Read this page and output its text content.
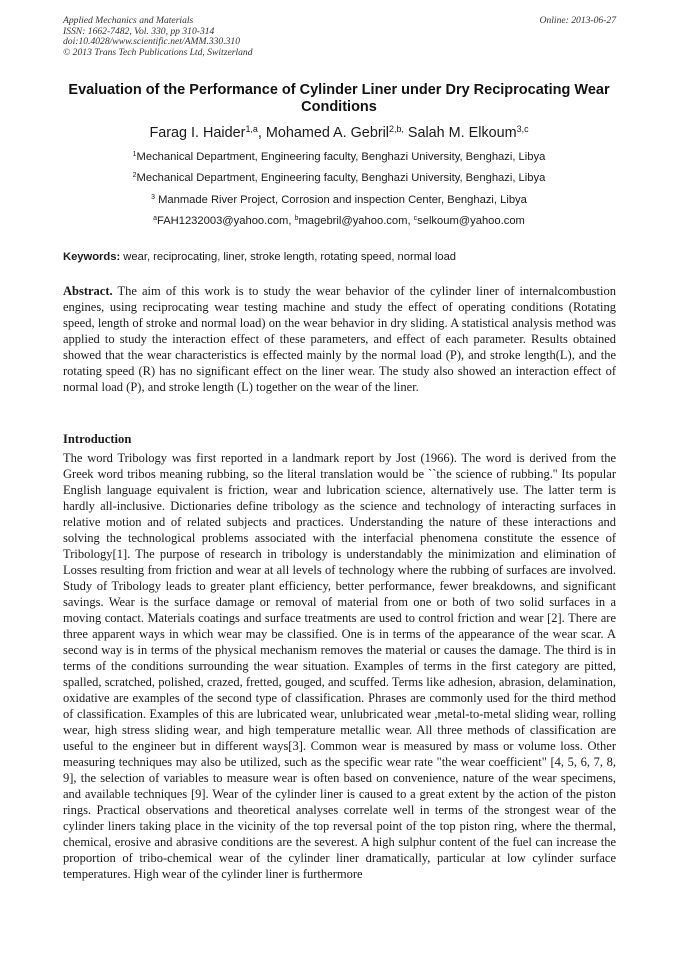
Applied Mechanics and Materials
ISSN: 1662-7482, Vol. 330, pp 310-314
doi:10.4028/www.scientific.net/AMM.330.310
© 2013 Trans Tech Publications Ltd, Switzerland
Online: 2013-06-27
Evaluation of the Performance of Cylinder Liner under Dry Reciprocating Wear Conditions
Farag I. Haider$^{1,a}$, Mohamed A. Gebril$^{2,b,}$ Salah M. Elkoum$^{3,c}$
$^1$Mechanical Department, Engineering faculty, Benghazi University, Benghazi, Libya
$^2$Mechanical Department, Engineering faculty, Benghazi University, Benghazi, Libya
$^3$ Manmade River Project, Corrosion and inspection Center, Benghazi, Libya
$^a$FAH1232003@yahoo.com, $^b$magebril@yahoo.com, $^c$selkoum@yahoo.com
Keywords: wear, reciprocating, liner, stroke length, rotating speed, normal load
Abstract. The aim of this work is to study the wear behavior of the cylinder liner of internalcombustion engines, using reciprocating wear testing machine and study the effect of operating conditions (Rotating speed, length of stroke and normal load) on the wear behavior in dry sliding. A statistical analysis method was applied to study the interaction effect of these parameters, and effect of each parameter. Results obtained showed that the wear characteristics is effected mainly by the normal load (P), and stroke length(L), and the rotating speed (R) has no significant effect on the liner wear. The study also showed an interaction effect of normal load (P), and stroke length (L) together on the wear of the liner.
Introduction
The word Tribology was first reported in a landmark report by Jost (1966). The word is derived from the Greek word tribos meaning rubbing, so the literal translation would be ``the science of rubbing.'' Its popular English language equivalent is friction, wear and lubrication science, alternatively use. The latter term is hardly all-inclusive. Dictionaries define tribology as the science and technology of interacting surfaces in relative motion and of related subjects and practices. Understanding the nature of these interactions and solving the technological problems associated with the interfacial phenomena constitute the essence of Tribology[1]. The purpose of research in tribology is understandably the minimization and elimination of Losses resulting from friction and wear at all levels of technology where the rubbing of surfaces are involved. Study of Tribology leads to greater plant efficiency, better performance, fewer breakdowns, and significant savings. Wear is the surface damage or removal of material from one or both of two solid surfaces in a moving contact. Materials coatings and surface treatments are used to control friction and wear [2]. There are three apparent ways in which wear may be classified. One is in terms of the appearance of the wear scar. A second way is in terms of the physical mechanism removes the material or causes the damage. The third is in terms of the conditions surrounding the wear situation. Examples of terms in the first category are pitted, spalled, scratched, polished, crazed, fretted, gouged, and scuffed. Terms like adhesion, abrasion, delamination, oxidative are examples of the second type of classification. Phrases are commonly used for the third method of classification. Examples of this are lubricated wear, unlubricated wear ,metal-to-metal sliding wear, rolling wear, high stress sliding wear, and high temperature metallic wear. All three methods of classification are useful to the engineer but in different ways[3]. Common wear is measured by mass or volume loss. Other measuring techniques may also be utilized, such as the specific wear rate "the wear coefficient" [4, 5, 6, 7, 8, 9], the selection of variables to measure wear is often based on convenience, nature of the wear specimens, and available techniques [9]. Wear of the cylinder liner is caused to a great extent by the action of the piston rings. Practical observations and theoretical analyses correlate well in terms of the strongest wear of the cylinder liners taking place in the vicinity of the top reversal point of the top piston ring, where the thermal, chemical, erosive and abrasive conditions are the severest. A high sulphur content of the fuel can increase the proportion of tribo-chemical wear of the cylinder liner dramatically, particular at low cylinder surface temperatures. High wear of the cylinder liner is furthermore
